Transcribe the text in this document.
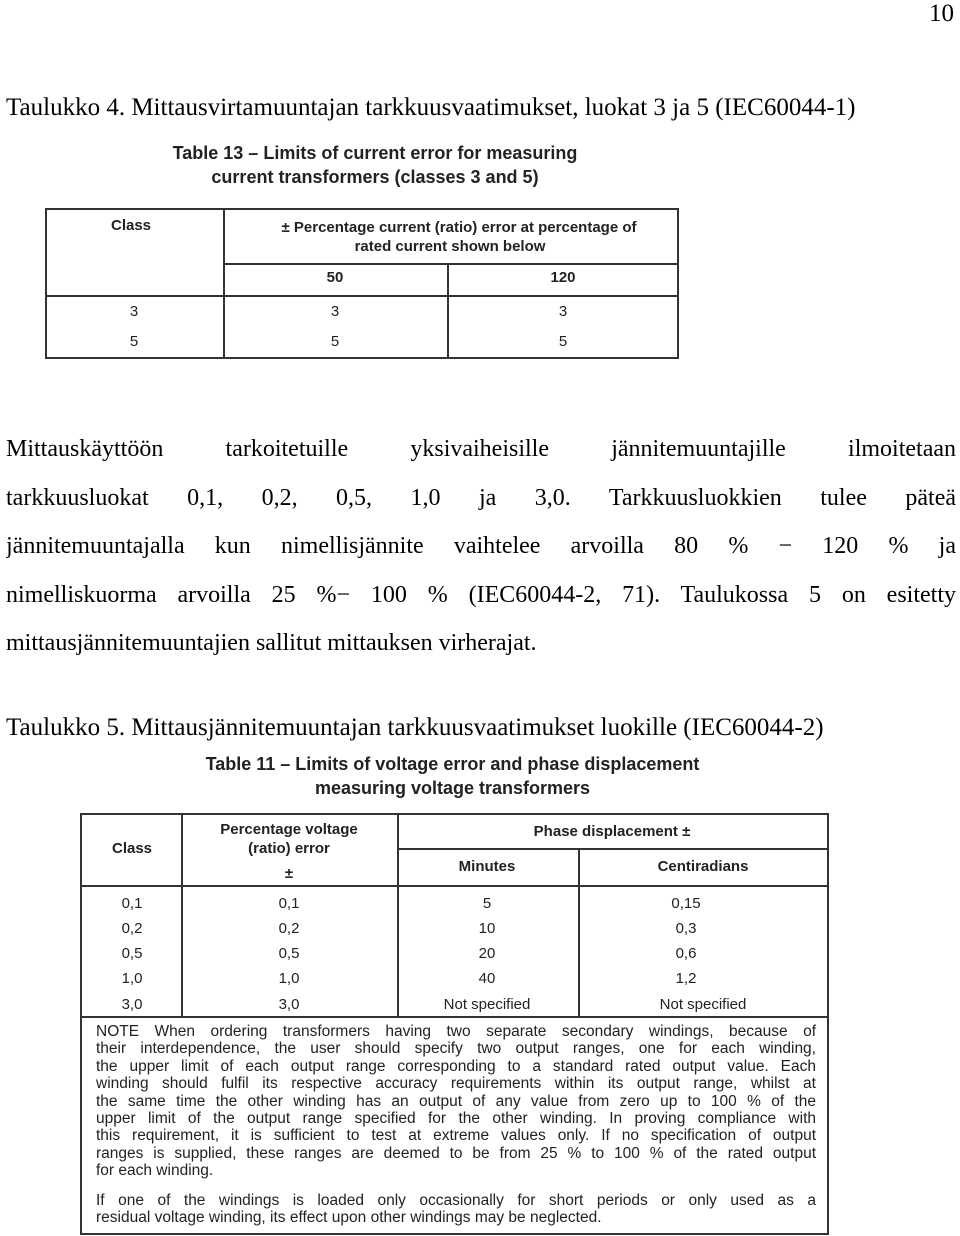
10
Taulukko 4. Mittausvirtamuuntajan tarkkuusvaatimukset, luokat 3 ja 5 (IEC60044-1)
Table 13 – Limits of current error for measuring
current transformers (classes 3 and 5)
Class	± Percentage current (ratio) error at percentage of
rated current shown below
50	120
3	3	3
5	5	5
Mittauskäyttöön tarkoitetuille yksivaiheisille jännitemuuntajille ilmoitetaan
tarkkuusluokat 0,1, 0,2, 0,5, 1,0 ja 3,0. Tarkkuusluokkien tulee päteä
jännitemuuntajalla kun nimellisjännite vaihtelee arvoilla 80 % − 120 % ja
nimelliskuorma arvoilla 25 %− 100 % (IEC60044-2, 71). Taulukossa 5 on esitetty
mittausjännitemuuntajien sallitut mittauksen virherajat.
Taulukko 5. Mittausjännitemuuntajan tarkkuusvaatimukset luokille (IEC60044-2)
Table 11 – Limits of voltage error and phase displacement
measuring voltage transformers
Class
Percentage voltage
(ratio) error
±
Phase displacement ±
Minutes	Centiradians
0,1	0,1	5	0,15
0,2	0,2	10	0,3
0,5	0,5	20	0,6
1,0	1,0	40	1,2
3,0	3,0	Not specified	Not specified
NOTE When ordering transformers having two separate secondary windings, because of
their interdependence, the user should specify two output ranges, one for each winding,
the upper limit of each output range corresponding to a standard rated output value. Each
winding should fulfil its respective accuracy requirements within its output range, whilst at
the same time the other winding has an output of any value from zero up to 100 % of the
upper limit of the output range specified for the other winding. In proving compliance with
this requirement, it is sufficient to test at extreme values only. If no specification of output
ranges is supplied, these ranges are deemed to be from 25 % to 100 % of the rated output
for each winding.
If one of the windings is loaded only occasionally for short periods or only used as a
residual voltage winding, its effect upon other windings may be neglected.
